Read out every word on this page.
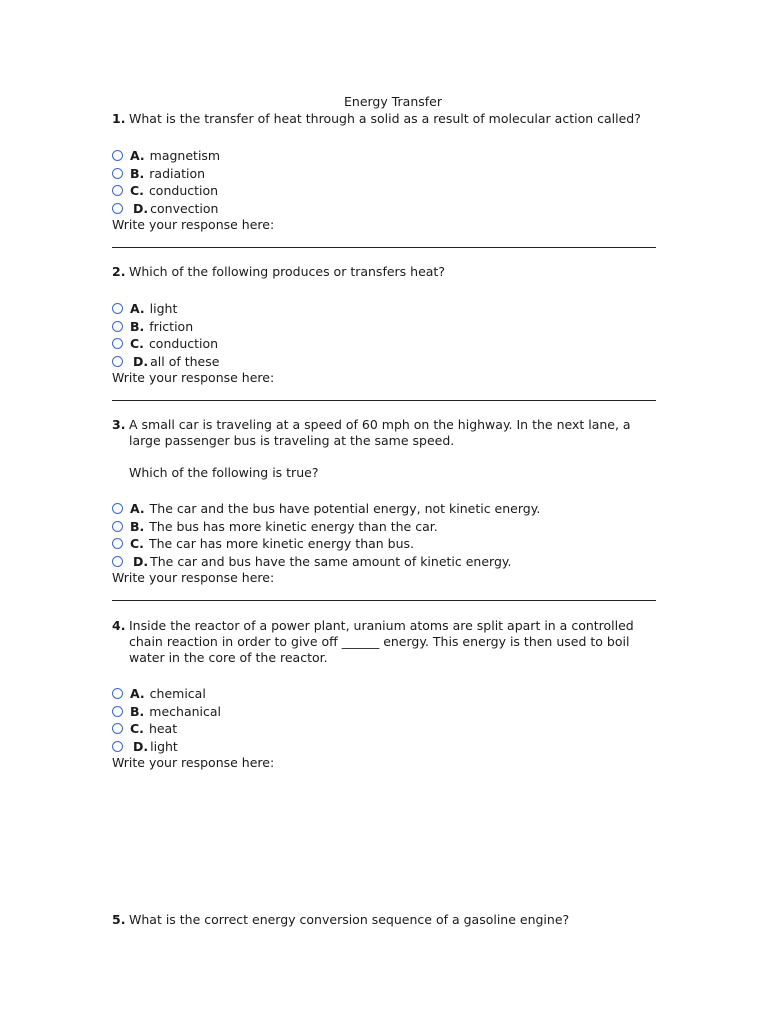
Energy Transfer
1. What is the transfer of heat through a solid as a result of molecular action called?
A. magnetism
B. radiation
C. conduction
D. convection
Write your response here:
2. Which of the following produces or transfers heat?
A. light
B. friction
C. conduction
D. all of these
Write your response here:
3. A small car is traveling at a speed of 60 mph on the highway. In the next lane, a large passenger bus is traveling at the same speed.
Which of the following is true?
A. The car and the bus have potential energy, not kinetic energy.
B. The bus has more kinetic energy than the car.
C. The car has more kinetic energy than bus.
D. The car and bus have the same amount of kinetic energy.
Write your response here:
4. Inside the reactor of a power plant, uranium atoms are split apart in a controlled chain reaction in order to give off ______ energy. This energy is then used to boil water in the core of the reactor.
A. chemical
B. mechanical
C. heat
D. light
Write your response here:
5. What is the correct energy conversion sequence of a gasoline engine?
